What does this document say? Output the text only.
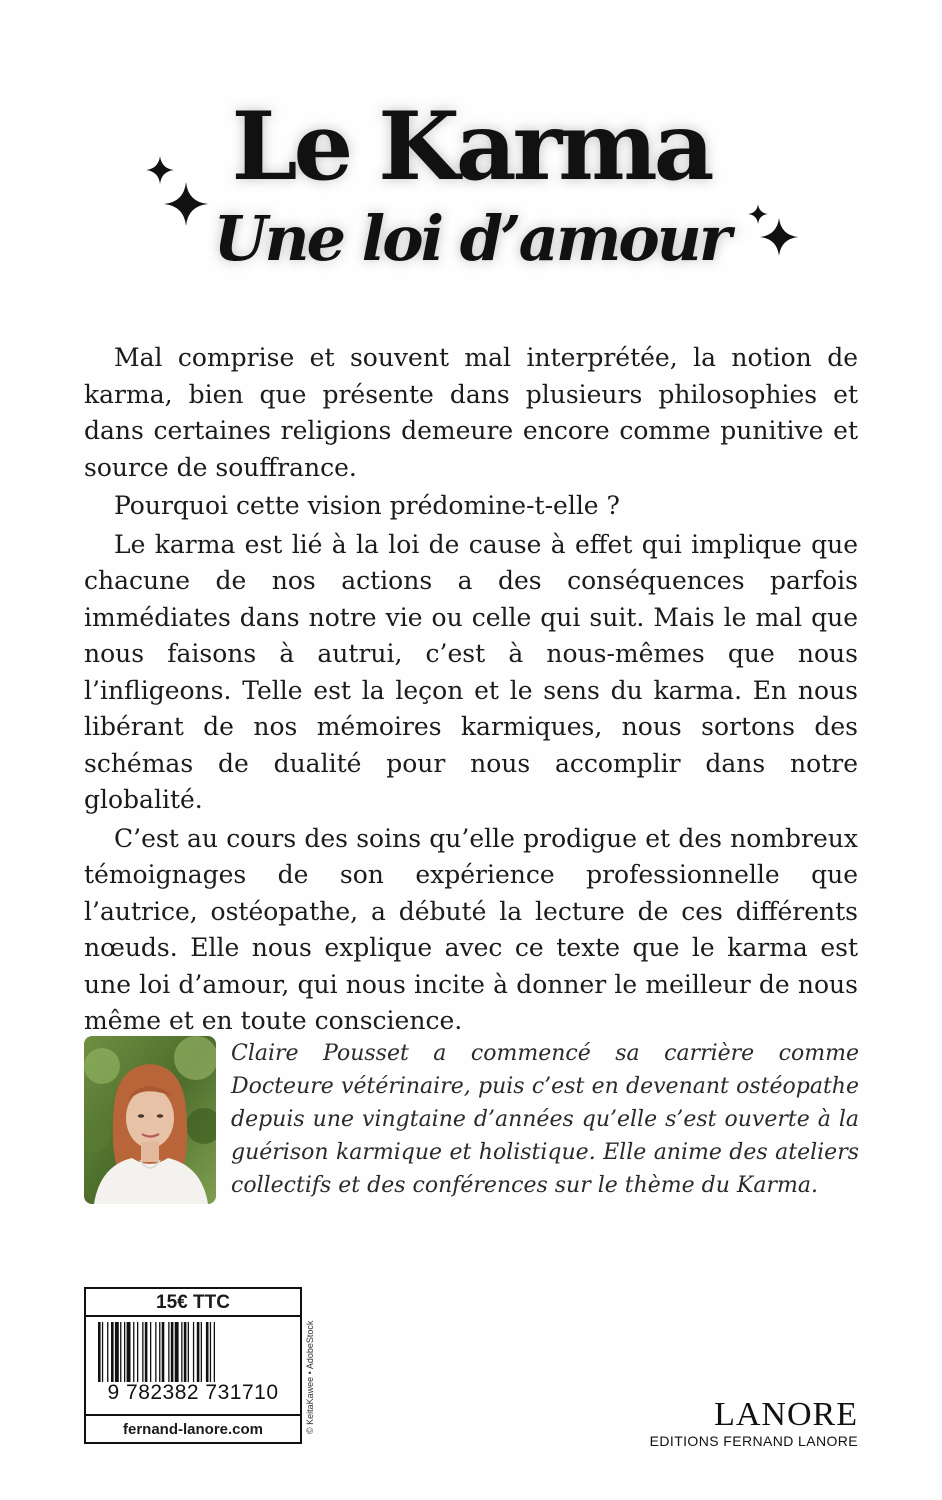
Le Karma
Une loi d’amour

Mal comprise et souvent mal interprétée, la notion de karma, bien que présente dans plusieurs philosophies et dans certaines religions demeure encore comme punitive et source de souffrance.

Pourquoi cette vision prédomine-t-elle ?

Le karma est lié à la loi de cause à effet qui implique que chacune de nos actions a des conséquences parfois immédiates dans notre vie ou celle qui suit. Mais le mal que nous faisons à autrui, c’est à nous-mêmes que nous l’infligeons. Telle est la leçon et le sens du karma. En nous libérant de nos mémoires karmiques, nous sortons des schémas de dualité pour nous accomplir dans notre globalité.

C’est au cours des soins qu’elle prodigue et des nombreux témoignages de son expérience professionnelle que l’autrice, ostéopathe, a débuté la lecture de ces différents nœuds. Elle nous explique avec ce texte que le karma est une loi d’amour, qui nous incite à donner le meilleur de nous même et en toute conscience.

Claire Pousset a commencé sa carrière comme Docteure vétérinaire, puis c’est en devenant ostéopathe depuis une vingtaine d’années qu’elle s’est ouverte à la guérison karmique et holistique. Elle anime des ateliers collectifs et des conférences sur le thème du Karma.
15€ TTC
9 782382 731710
fernand-lanore.com	© KeitaKawee • AdobeStock	LANORE
EDITIONS FERNAND LANORE
